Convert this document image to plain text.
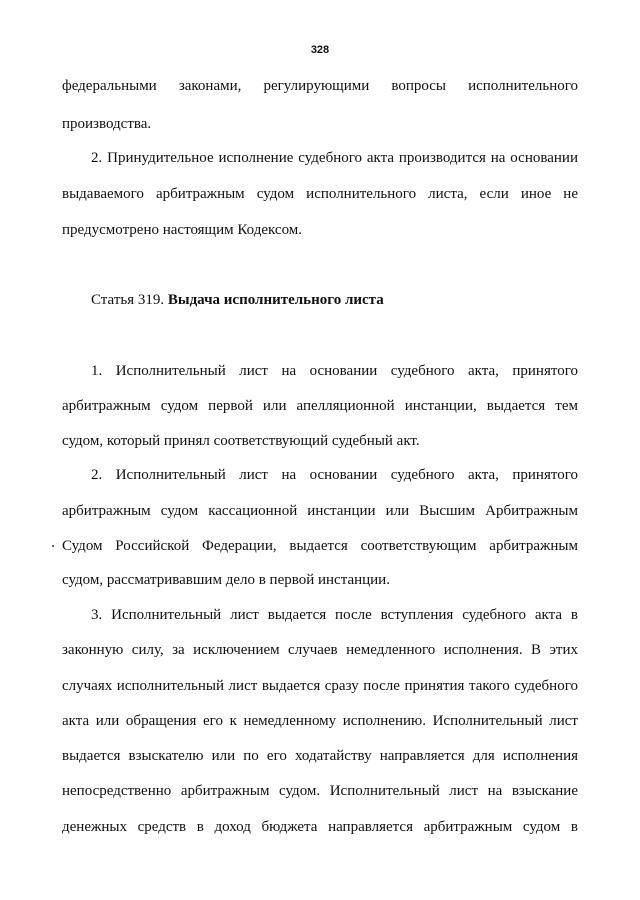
328
федеральными законами, регулирующими вопросы исполнительного
производства.
2. Принудительное исполнение судебного акта производится на основании
выдаваемого арбитражным судом исполнительного листа, если иное не
предусмотрено настоящим Кодексом.
Статья 319. Выдача исполнительного листа
1. Исполнительный лист на основании судебного акта, принятого
арбитражным судом первой или апелляционной инстанции, выдается тем
судом, который принял соответствующий судебный акт.
2. Исполнительный лист на основании судебного акта, принятого
арбитражным судом кассационной инстанции или Высшим Арбитражным
Судом Российской Федерации, выдается соответствующим арбитражным
судом, рассматривавшим дело в первой инстанции.
3. Исполнительный лист выдается после вступления судебного акта в
законную силу, за исключением случаев немедленного исполнения. В этих
случаях исполнительный лист выдается сразу после принятия такого судебного
акта или обращения его к немедленному исполнению. Исполнительный лист
выдается взыскателю или по его ходатайству направляется для исполнения
непосредственно арбитражным судом. Исполнительный лист на взыскание
денежных средств в доход бюджета направляется арбитражным судом в
